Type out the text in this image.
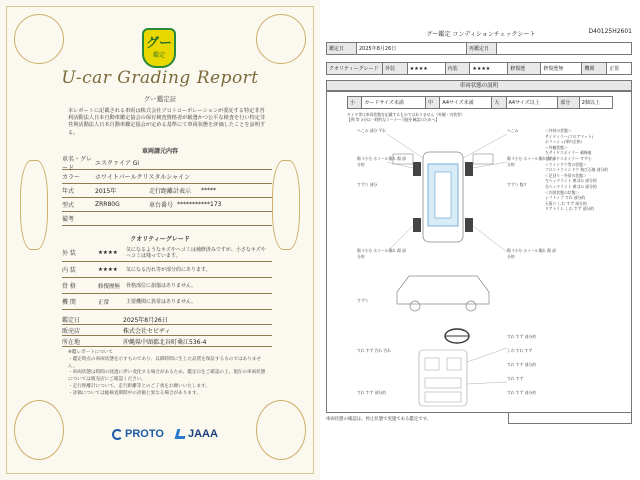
グー
鑑定
U-car Grading Report
グー鑑定証
本レポートに記載される車両は株式会社プロトコーポレーションが委託する特定非営利活動法人日本自動車鑑定協会の保有検査資格者が厳選かつ公平な検査を行い特定非営利活動法人日本自動車鑑定協会が定める基準にて車両状態を評価したことを証明する。
車両請元内容
車名・グレード
エスクァイア Gi
カラー	ホワイトパールクリスタルシャイン
年式	2015年	走行距離計表示	*****
型式	ZRR80G	車台番号 ***********173
備考
クオリティーグレード
外 装	★★★★	気になるようなキズやヘコミは補修済みですが、小さなキズやヘコミは残っています。
内 装	★★★★	気になる汚れ等が部分的にあります。
骨 格	修復歴無	骨格部位に損傷はありません。
機 関	正常	主要機関に異常はありません。
鑑定日	2025年8月26日
販売店	株式会社セビヂィ
所在地	沖縄県中頭郡北谷町桑江536-4
※鑑レポートについて
・鑑定時点の車両状態を示すものであり、以降時間に生じた品質を保証するものではありません。
・車両状態は時間の経過に伴い変化する場合があるため、鑑定日をご確認の上、現在の車両状態については販売店にご確認ください。
・走行距離計について、走行距離等とのご了承をお願いいたします。
・評価については総検査期間中の評価と異なる場合があります。
PROTO	JAAA
グー鑑定 コンディションチェックシート	D40125H2601
鑑定日	2025年8月26日	再鑑定日	
クオリティーグレード	外装	★★★★	内装	★★★★	修復歴	修復歴無	機関	正常
車両状態の説明
小	カードサイズ未満	中	A4サイズ未満	大	A4サイズ以上	部分	2個以上
タイヤ等は車両状態を記載するものではありません（外観・内装等）
【例 等 3分以一時的なコーナー可能を確認のためへ】
へこみ 部分 ずれ	へこみ
傷 7小分 ホイール傷れ 傷 部分的
傷 7小分 ホイール傷れ 傷 部分的
すずり 部分	すずり 数ケ
傷 7小分 ホイール傷れ 傷 部分的
傷 7小分 ホイール傷れ 傷 部分的
すずり
すれ すず 部分的
しわ すれ すず
すれ すず 汚れ 汚れ
すれ すず 部分的
すれ すず
すれ すず 部分的
すれ すず 部分的
＜外装の状態＞
サイドミラー(フロアマット)
ポリッシュ(車内全体)
＜外観状態＞
左サイドスポイラー 補修痕
右サイドスポイラー すず小
＜ウインドウ等の状態＞
フロントウインドウ 飛び石痕 部分的
＜足回り・外装の状態＞
左ヘッドライト 黄ばみ 部分的
右ヘッドライト 黄ばみ 部分的
＜内装状態の状態＞
シフトノブ すれ 部分的
天張り しわ すず 部分的
ドアトリム しわ すず 部分的
車両状態の確認は、停止状態で実施である鑑定です。
